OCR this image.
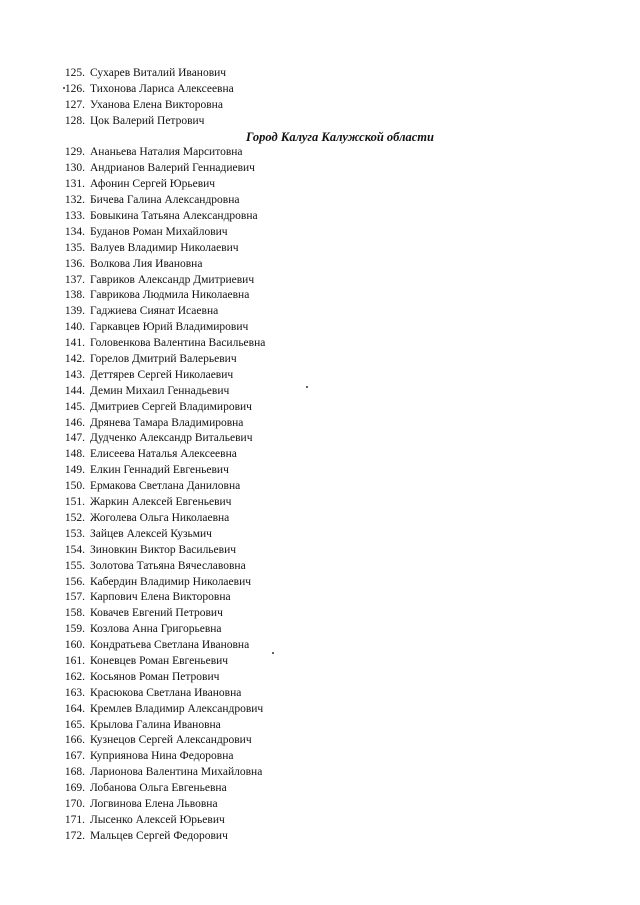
125. Сухарев Виталий Иванович
126. Тихонова Лариса Алексеевна
127. Уханова Елена Викторовна
128. Цок Валерий Петрович
Город Калуга Калужской области
129. Ананьева Наталия Марситовна
130. Андрианов Валерий Геннадиевич
131. Афонин Сергей Юрьевич
132. Бичева Галина Александровна
133. Бовыкина Татьяна Александровна
134. Буданов Роман Михайлович
135. Валуев Владимир Николаевич
136. Волкова Лия Ивановна
137. Гавриков Александр Дмитриевич
138. Гаврикова Людмила Николаевна
139. Гаджиева Сиянат Исаевна
140. Гаркавцев Юрий Владимирович
141. Головенкова Валентина Васильевна
142. Горелов Дмитрий Валерьевич
143. Деттярев Сергей Николаевич
144. Демин Михаил Геннадьевич
145. Дмитриев Сергей Владимирович
146. Дрянева Тамара Владимировна
147. Дудченко Александр Витальевич
148. Елисеева Наталья Алексеевна
149. Елкин Геннадий Евгеньевич
150. Ермакова Светлана Даниловна
151. Жаркин Алексей Евгеньевич
152. Жоголева Ольга Николаевна
153. Зайцев Алексей Кузьмич
154. Зиновкин Виктор Васильевич
155. Золотова Татьяна Вячеславовна
156. Кабердин Владимир Николаевич
157. Карпович Елена Викторовна
158. Ковачев Евгений Петрович
159. Козлова Анна Григорьевна
160. Кондратьева Светлана Ивановна
161. Коневцев Роман Евгеньевич
162. Косьянов Роман Петрович
163. Красюкова Светлана Ивановна
164. Кремлев Владимир Александрович
165. Крылова Галина Ивановна
166. Кузнецов Сергей Александрович
167. Куприянова Нина Федоровна
168. Ларионова Валентина Михайловна
169. Лобанова Ольга Евгеньевна
170. Логвинова Елена Львовна
171. Лысенко Алексей Юрьевич
172. Мальцев Сергей Федорович
